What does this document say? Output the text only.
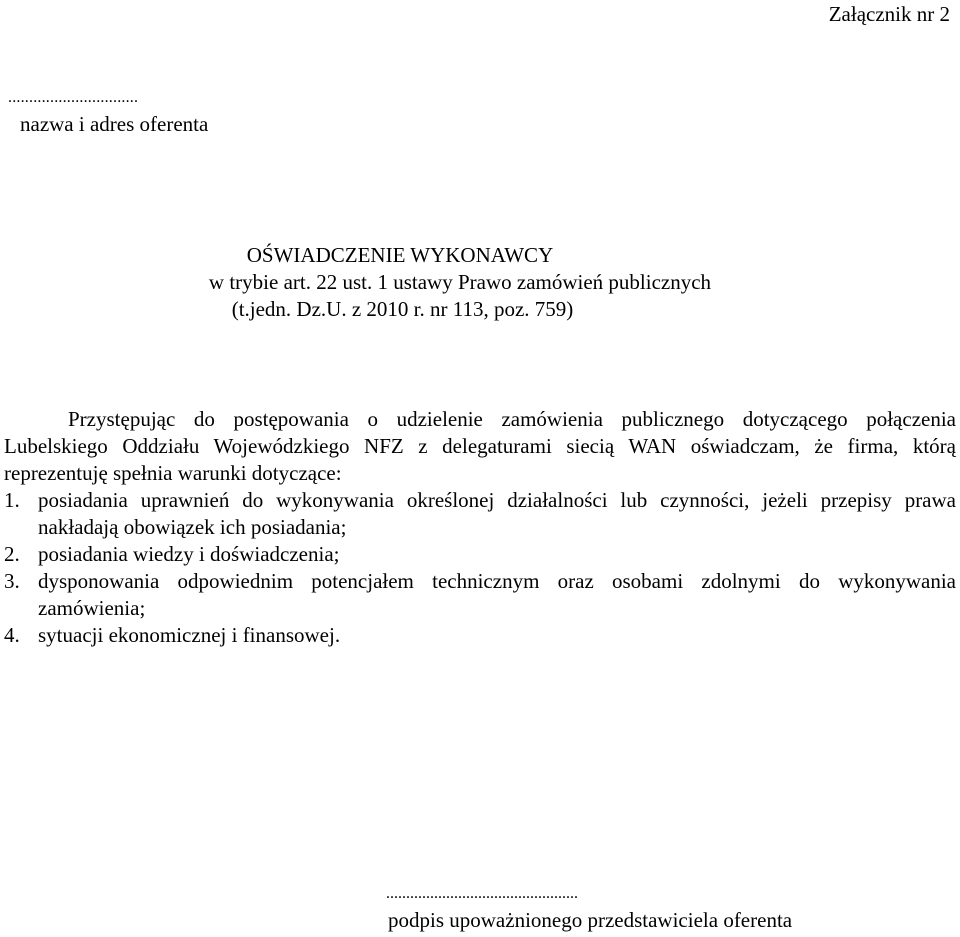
Załącznik nr 2
...............................
nazwa i adres oferenta
OŚWIADCZENIE WYKONAWCY
w trybie art. 22 ust. 1 ustawy Prawo zamówień publicznych
(t.jedn. Dz.U. z 2010 r. nr 113, poz. 759)

Przystępując do postępowania o udzielenie zamówienia publicznego dotyczącego połączenia Lubelskiego Oddziału Wojewódzkiego NFZ z delegaturami siecią WAN oświadczam, że firma, którą reprezentuję spełnia warunki dotyczące:

1. posiadania uprawnień do wykonywania określonej działalności lub czynności, jeżeli przepisy prawa nakładają obowiązek ich posiadania;
2. posiadania wiedzy i doświadczenia;
3. dysponowania odpowiednim potencjałem technicznym oraz osobami zdolnymi do wykonywania zamówienia;
4. sytuacji ekonomicznej i finansowej.
................................................
podpis upoważnionego przedstawiciela oferenta
